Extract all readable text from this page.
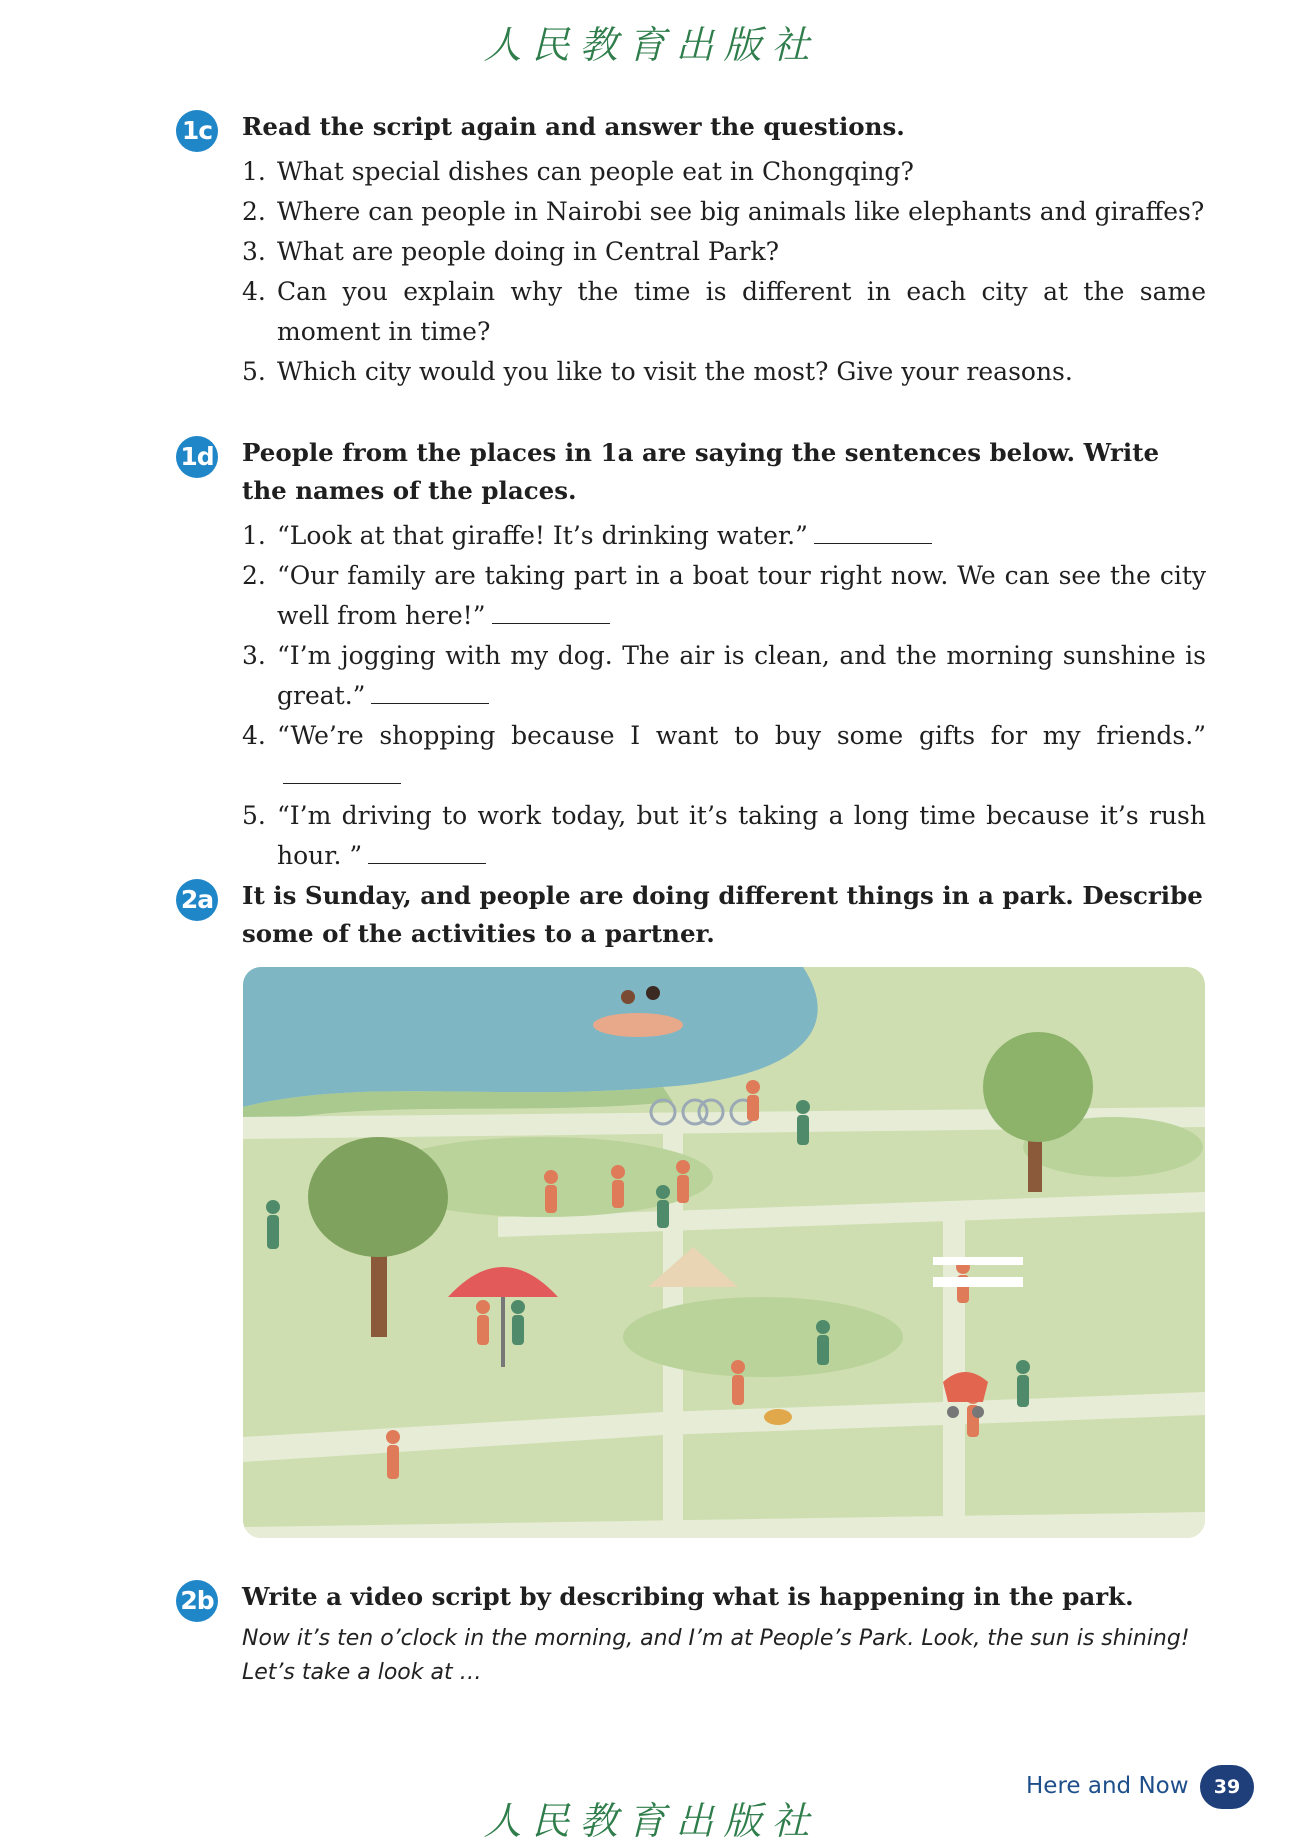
人民教育出版社
1c Read the script again and answer the questions.
1. What special dishes can people eat in Chongqing?
2. Where can people in Nairobi see big animals like elephants and giraffes?
3. What are people doing in Central Park?
4. Can you explain why the time is different in each city at the same moment in time?
5. Which city would you like to visit the most? Give your reasons.
1d People from the places in 1a are saying the sentences below. Write the names of the places.
1. “Look at that giraffe! It’s drinking water.”
2. “Our family are taking part in a boat tour right now. We can see the city well from here!”
3. “I’m jogging with my dog. The air is clean, and the morning sunshine is great.”
4. “We’re shopping because I want to buy some gifts for my friends.”
5. “I’m driving to work today, but it’s taking a long time because it’s rush hour. ”
2a It is Sunday, and people are doing different things in a park. Describe some of the activities to a partner.
2b Write a video script by describing what is happening in the park.
Now it’s ten o’clock in the morning, and I’m at People’s Park. Look, the sun is shining! Let’s take a look at …
Here and Now	39
人民教育出版社
